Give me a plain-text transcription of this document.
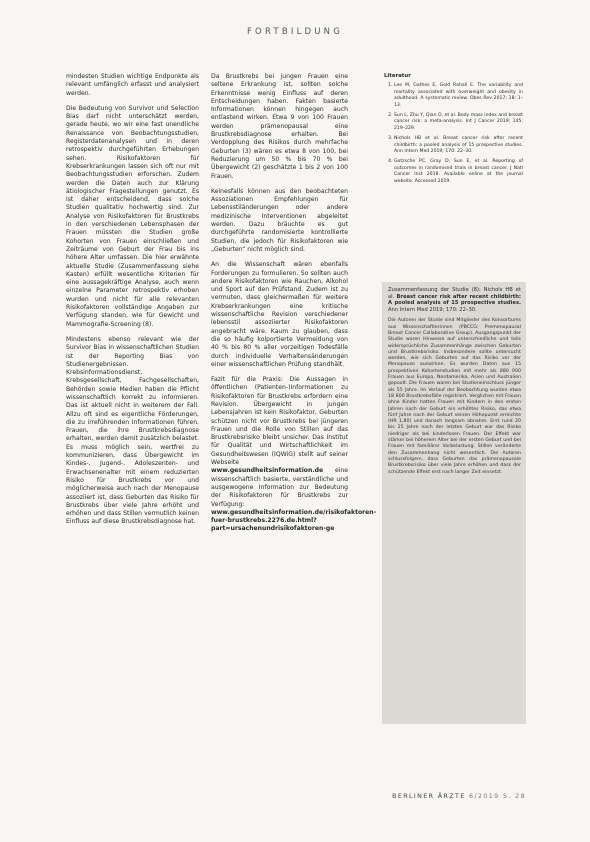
FORTBILDUNG

mindesten Studien wichtige Endpunkte als relevant umfänglich erfasst und analysiert werden.

Die Bedeutung von Survivor und Selection Bias darf nicht unterschätzt werden, gerade heute, wo wir eine fast unendliche Renaissance von Beobachtungsstudien, Registerdatenanalysen und in deren retrospektiv durchgeführten Erhebungen sehen. Risikofaktoren für Krebserkrankungen lassen sich oft nur mit Beobachtungsstudien erforschen. Zudem werden die Daten auch zur Klärung ätiologischer Fragestellungen genutzt. Es ist daher entscheidend, dass solche Studien qualitativ hochwertig sind. Zur Analyse von Risikofaktoren für Brustkrebs in den verschiedenen Lebensphasen der Frauen müssten die Studien große Kohorten von Frauen einschließen und Zeiträume von Geburt der Frau bis ins höhere Alter umfassen. Die hier erwähnte aktuelle Studie (Zusammenfassung siehe Kasten) erfüllt wesentliche Kriterien für eine aussagekräftige Analyse, auch wenn einzelne Parameter retrospektiv erhoben wurden und nicht für alle relevanten Risikofaktoren vollständige Angaben zur Verfügung standen, wie für Gewicht und Mammografie-Screening (8).

Mindestens ebenso relevant wie der Survivor Bias in wissenschaftlichen Studien ist der Reporting Bias von Studienergebnissen. Krebsinformationsdienst, Krebsgesellschaft, Fachgesellschaften, Behörden sowie Medien haben die Pflicht wissenschaftlich korrekt zu informieren. Das ist aktuell nicht in weiterem der Fall. Allzu oft sind es eigentliche Förderungen, die zu irreführenden Informationen führen. Frauen, die ihre Brustkrebsdiagnose erhalten, werden damit zusätzlich belastet. Es muss möglich sein, wertfrei zu kommunizieren, dass Übergewicht im Kindes-, Jugend-, Adoleszenten- und Erwachsenenalter mit einem reduzierten Risiko für Brustkrebs vor und möglicherweise auch nach der Menopause assoziiert ist, dass Geburten das Risiko für Brustkrebs über viele Jahre erhöht und erhöhen und dass Stillen vermutlich keinen Einfluss auf diese Brustkrebsdiagnose hat.

Da Brustkrebs bei jungen Frauen eine seltene Erkrankung ist, sollten solche Erkenntnisse wenig Einfluss auf deren Entscheidungen haben. Fakten basierte Informationen können hingegen auch entlastend wirken. Etwa 9 von 100 Frauen werden prämenopausal eine Brustkrebsdiagnose erhalten. Bei Verdopplung des Risikos durch mehrfache Geburten (3) wären es etwa 8 von 100, bei Reduzierung um 50 % bis 70 % bei Übergewicht (2) geschätzte 1 bis 2 von 100 Frauen.

Keinesfalls können aus den beobachteten Assoziationen Empfehlungen für Lebensstiländerungen oder andere medizinische Interventionen abgeleitet werden. Dazu bräuchte es gut durchgeführte randomisierte kontrollierte Studien, die jedoch für Risikofaktoren wie „Geburten“ nicht möglich sind.

An die Wissenschaft wären ebenfalls Forderungen zu formulieren. So sollten auch andere Risikofaktoren wie Rauchen, Alkohol und Sport auf den Prüfstand. Zudem ist zu vermuten, dass gleichermaßen für weitere Krebserkrankungen eine kritische wissenschaftliche Revision verschiedener lebensstil assoziierter Risikofaktoren angebracht wäre. Kaum zu glauben, dass die so häufig kolportierte Vermeidung von 40 % bis 80 % aller vorzeitigen Todesfälle durch individuelle Verhaltensänderungen einer wissenschaftlichen Prüfung standhält.

Fazit für die Praxis: Die Aussagen in öffentlichen (Patienten-)Informationen zu Risikofaktoren für Brustkrebs erfordern eine Revision. Übergewicht in jungen Lebensjahren ist kein Risikofaktor, Geburten schützen nicht vor Brustkrebs bei jüngeren Frauen und die Rolle von Stillen auf das Brustkrebsrisiko bleibt unsicher. Das Institut für Qualität und Wirtschaftlichkeit im Gesundheitswesen (IQWiG) stellt auf seiner Webseite www.gesundheitsinformation.de eine wissenschaftlich basierte, verständliche und ausgewogene Information zur Bedeutung der Risikofaktoren für Brustkrebs zur Verfügung: www.gesundheitsinformation.de/risikofaktoren-fuer-brustkrebs.2276.de.html?part=ursachenundrisikofaktoren-ge

Literatur
1. Lee M, Gathes E, Gold Rahall E. The variability and mortality associated with overweight and obesity in adulthood. A systematic review. Obes Rev 2017; 18: 1–13.
2. Sun L, Zhu Y, Qian O, et al. Body mass index and breast cancer risk: a meta-analysis. Int J Cancer 2019; 145: 219–229.
3. Nichols HB et al. Breast cancer risk after recent childbirth: a pooled analysis of 15 prospective studies. Ann Intern Med 2019; 170: 22–30.
4. Gotzsche PC, Gray D, Sun E, et al. Reporting of outcomes in randomised trials in breast cancer. J Natl Cancer Inst 2018. Available online at the journal website. Accessed 2019.

Zusammenfassung der Studie (8): Nichols HB et al. Breast cancer risk after recent childbirth: A pooled analysis of 15 prospective studies. Ann Intern Med 2019; 170: 22–30.

Die Autoren der Studie sind Mitglieder des Konsortiums aus Wissenschaftlerinnen (PBCCG: Premenopausal Breast Cancer Collaborative Group). Ausgangspunkt der Studie waren Hinweise auf unterschiedliche und teils widersprüchliche Zusammenhänge zwischen Geburten und Brustkrebsrisiko. Insbesondere sollte untersucht werden, wie sich Geburten auf das Risiko vor der Menopause auswirken. Es wurden Daten aus 15 prospektiven Kohortenstudien mit mehr als 880 000 Frauen aus Europa, Nordamerika, Asien und Australien gepoolt. Die Frauen waren bei Studieneinschluss jünger als 55 Jahre. Im Verlauf der Beobachtung wurden etwa 18 800 Brustkrebsfälle registriert. Verglichen mit Frauen ohne Kinder hatten Frauen mit Kindern in den ersten Jahren nach der Geburt ein erhöhtes Risiko, das etwa fünf Jahre nach der Geburt seinen Höhepunkt erreichte (HR 1,80) und danach langsam abnahm. Erst rund 20 bis 25 Jahre nach der letzten Geburt war das Risiko niedriger als bei kinderlosen Frauen. Der Effekt war stärker bei höherem Alter bei der ersten Geburt und bei Frauen mit familiärer Vorbelastung. Stillen veränderte den Zusammenhang nicht wesentlich. Die Autoren schlussfolgern, dass Geburten das prämenopausale Brustkrebsrisiko über viele Jahre erhöhen und dass der schützende Effekt erst nach langer Zeit einsetzt.

BERLINER ÄRZTE 6/2019 S. 28
